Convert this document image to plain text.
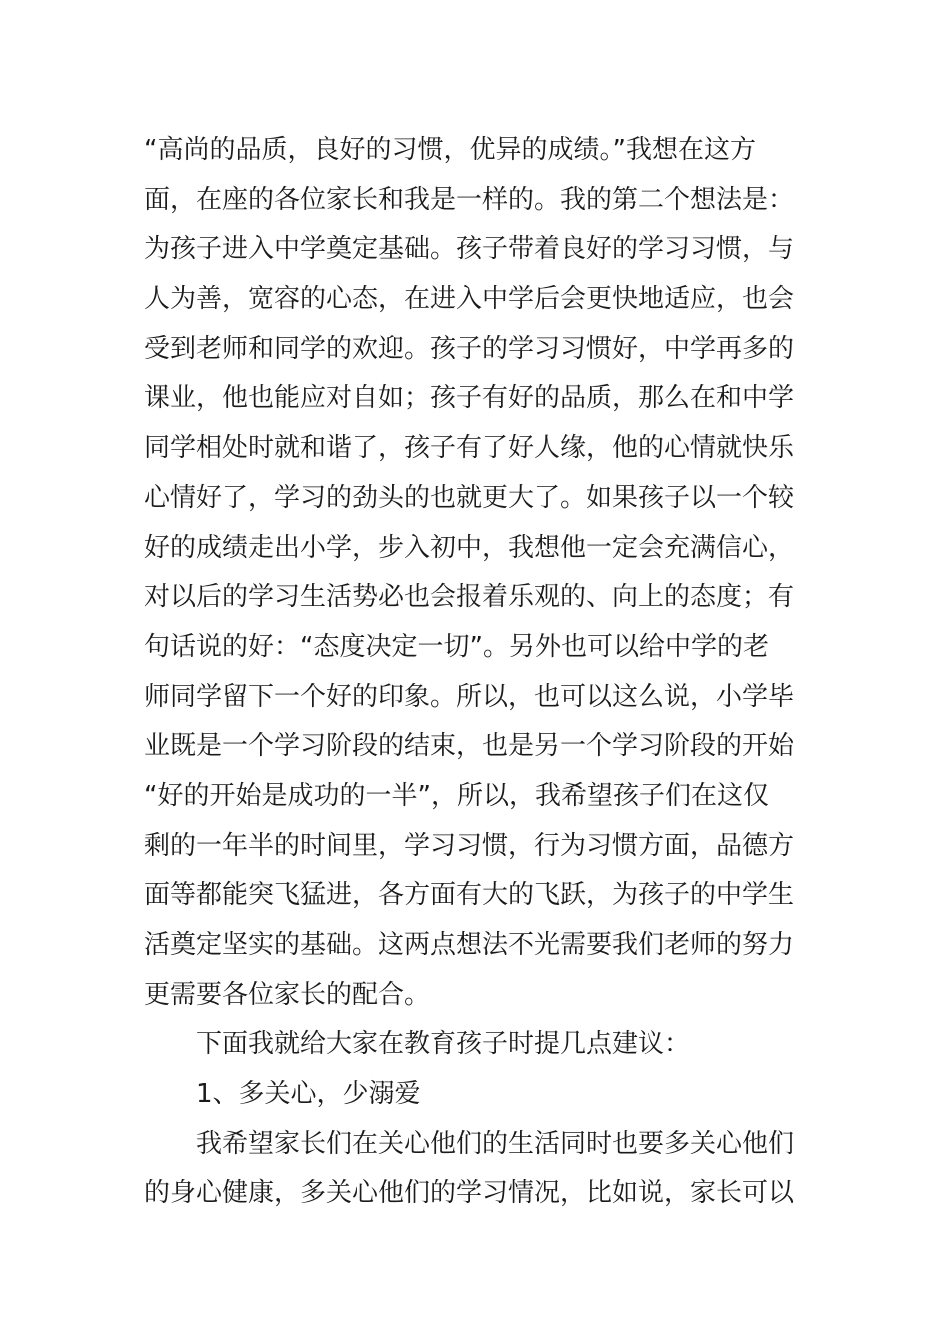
“高尚的品质，良好的习惯，优异的成绩。”我想在这方
面，在座的各位家长和我是一样的。我的第二个想法是：
为孩子进入中学奠定基础。孩子带着良好的学习习惯，与
人为善，宽容的心态，在进入中学后会更快地适应，也会
受到老师和同学的欢迎。孩子的学习习惯好，中学再多的
课业，他也能应对自如；孩子有好的品质，那么在和中学
同学相处时就和谐了，孩子有了好人缘，他的心情就快乐
心情好了，学习的劲头的也就更大了。如果孩子以一个较
好的成绩走出小学，步入初中，我想他一定会充满信心，
对以后的学习生活势必也会报着乐观的、向上的态度；有
句话说的好：“态度决定一切”。另外也可以给中学的老
师同学留下一个好的印象。所以，也可以这么说，小学毕
业既是一个学习阶段的结束，也是另一个学习阶段的开始
“好的开始是成功的一半”，所以，我希望孩子们在这仅
剩的一年半的时间里，学习习惯，行为习惯方面，品德方
面等都能突飞猛进，各方面有大的飞跃，为孩子的中学生
活奠定坚实的基础。这两点想法不光需要我们老师的努力
更需要各位家长的配合。
下面我就给大家在教育孩子时提几点建议：
1、多关心，少溺爱
我希望家长们在关心他们的生活同时也要多关心他们
的身心健康，多关心他们的学习情况，比如说，家长可以
